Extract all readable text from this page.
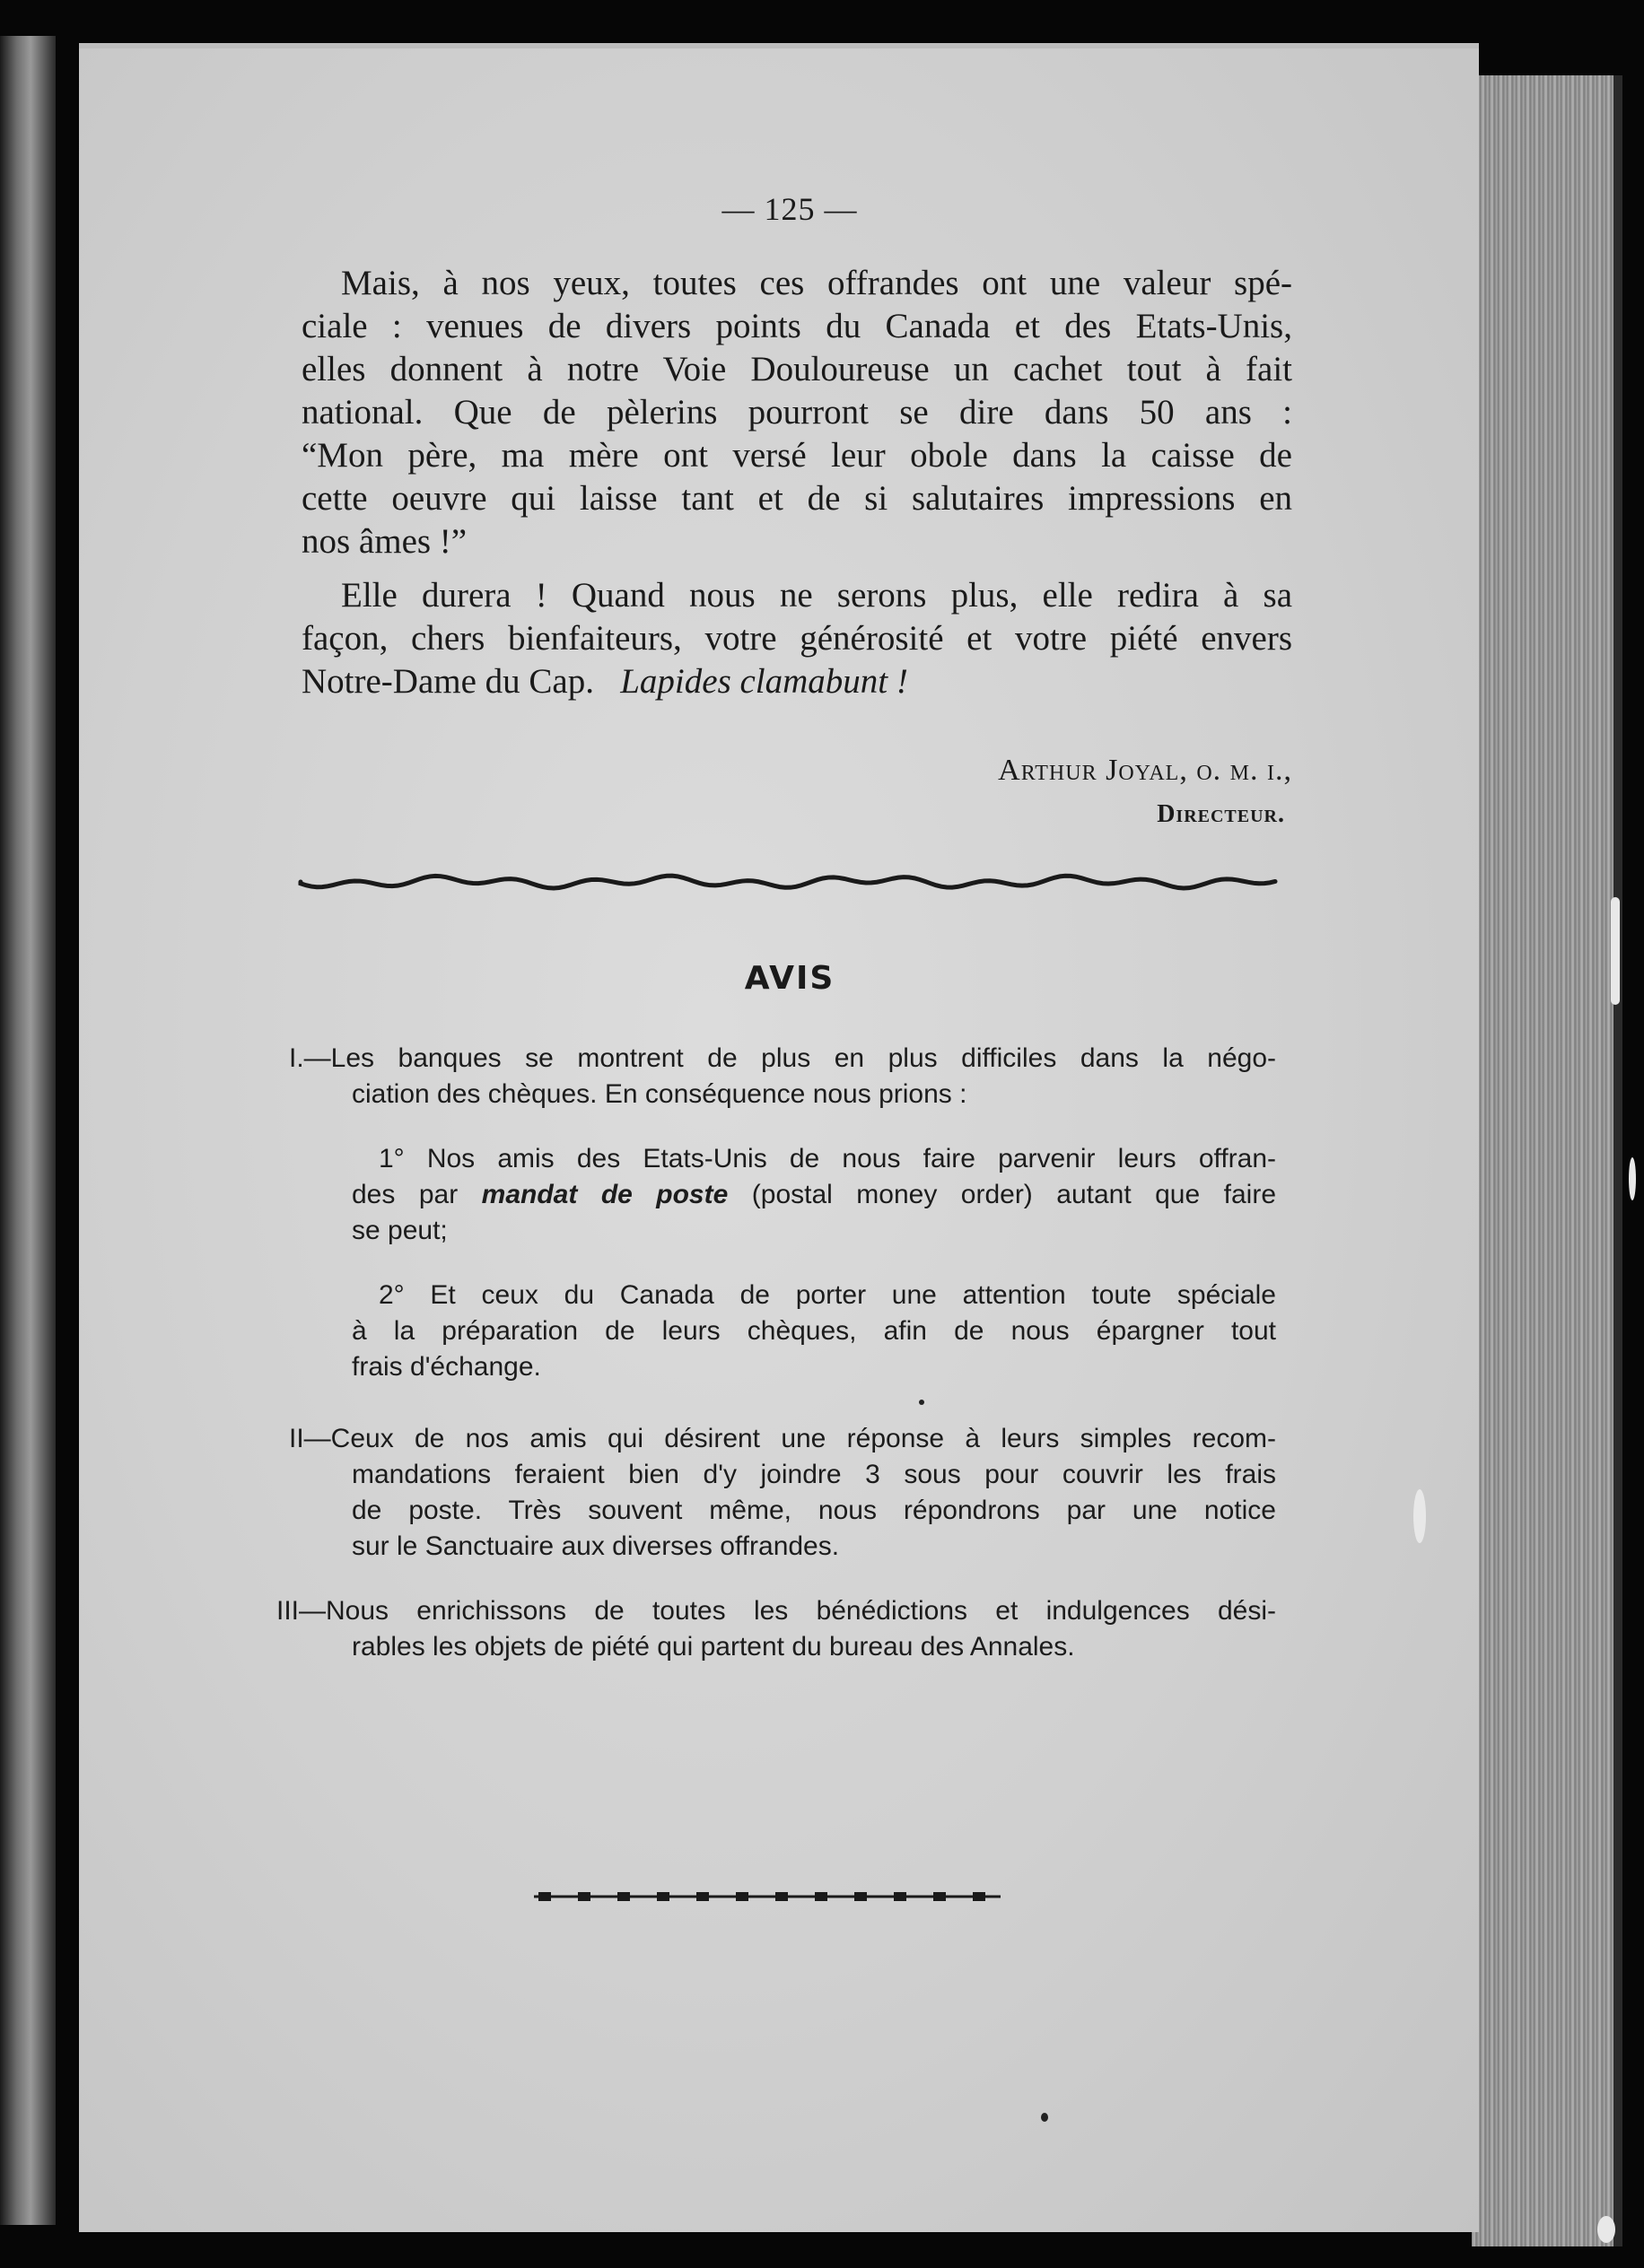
— 125 —

Mais, à nos yeux, toutes ces offrandes ont une valeur spé-

ciale : venues de divers points du Canada et des Etats-Unis,

elles donnent à notre Voie Douloureuse un cachet tout à fait

national. Que de pèlerins pourront se dire dans 50 ans :

“Mon père, ma mère ont versé leur obole dans la caisse de

cette oeuvre qui laisse tant et de si salutaires impressions en

nos âmes !”

Elle durera ! Quand nous ne serons plus, elle redira à sa

façon, chers bienfaiteurs, votre générosité et votre piété envers

Notre-Dame du Cap. Lapides clamabunt !

Arthur Joyal, o. m. i.,

Directeur.

AVIS

I.—Les banques se montrent de plus en plus difficiles dans la négo-

ciation des chèques. En conséquence nous prions :

1° Nos amis des Etats-Unis de nous faire parvenir leurs offran-

des par mandat de poste (postal money order) autant que faire

se peut;

2° Et ceux du Canada de porter une attention toute spéciale

à la préparation de leurs chèques, afin de nous épargner tout

frais d'échange.

II—Ceux de nos amis qui désirent une réponse à leurs simples recom-

mandations feraient bien d'y joindre 3 sous pour couvrir les frais

de poste. Très souvent même, nous répondrons par une notice

sur le Sanctuaire aux diverses offrandes.

III—Nous enrichissons de toutes les bénédictions et indulgences dési-

rables les objets de piété qui partent du bureau des Annales.
